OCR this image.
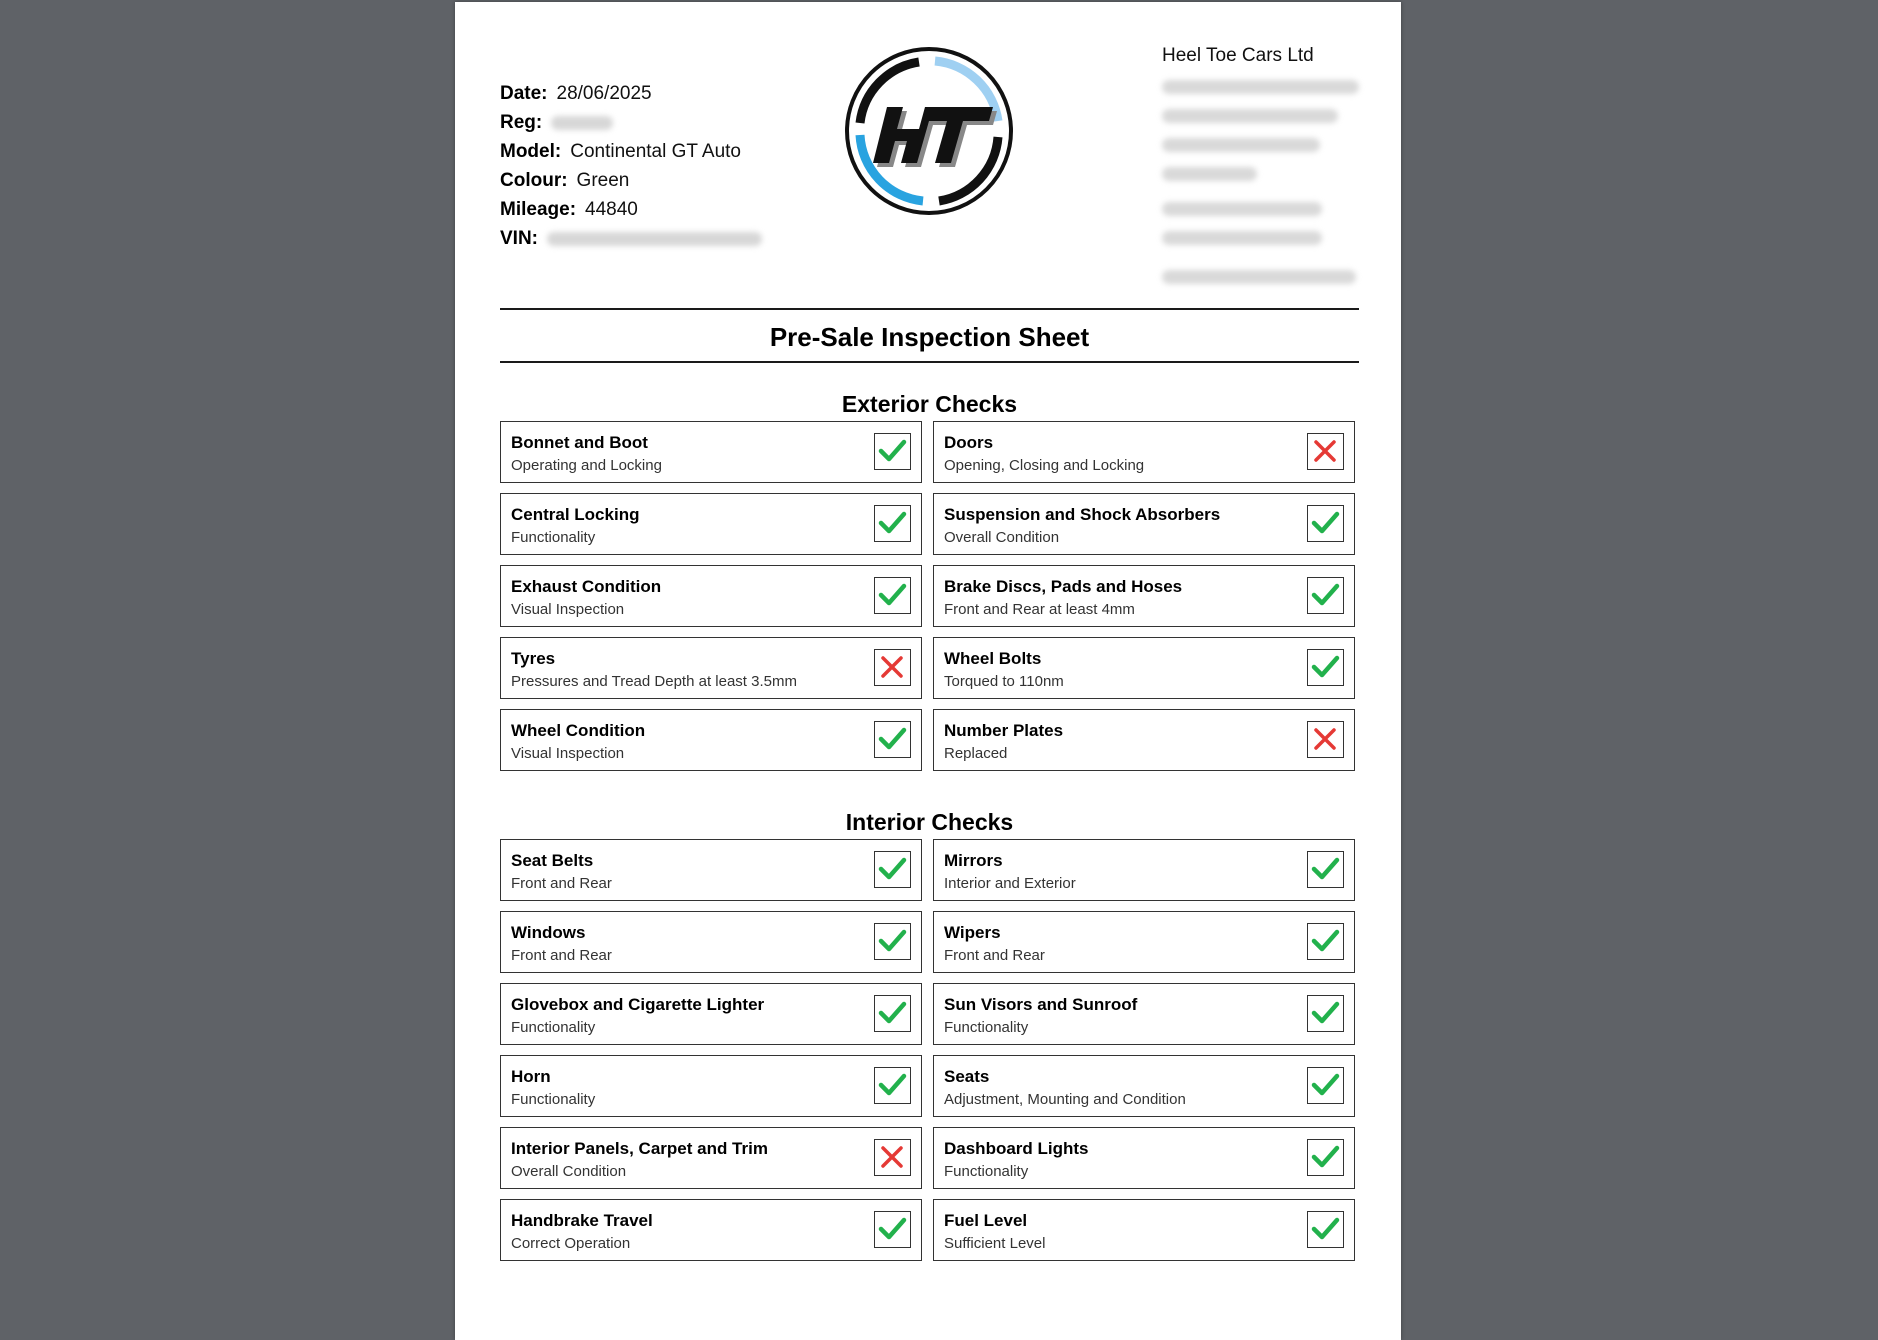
Date: 28/06/2025
Reg:
Model: Continental GT Auto
Colour: Green
Mileage: 44840
VIN:
Heel Toe Cars Ltd
Pre-Sale Inspection Sheet
Exterior Checks
Bonnet and Boot
Operating and Locking
Doors
Opening, Closing and Locking
Central Locking
Functionality
Suspension and Shock Absorbers
Overall Condition
Exhaust Condition
Visual Inspection
Brake Discs, Pads and Hoses
Front and Rear at least 4mm
Tyres
Pressures and Tread Depth at least 3.5mm
Wheel Bolts
Torqued to 110nm
Wheel Condition
Visual Inspection
Number Plates
Replaced
Interior Checks
Seat Belts
Front and Rear
Mirrors
Interior and Exterior
Windows
Front and Rear
Wipers
Front and Rear
Glovebox and Cigarette Lighter
Functionality
Sun Visors and Sunroof
Functionality
Horn
Functionality
Seats
Adjustment, Mounting and Condition
Interior Panels, Carpet and Trim
Overall Condition
Dashboard Lights
Functionality
Handbrake Travel
Correct Operation
Fuel Level
Sufficient Level
